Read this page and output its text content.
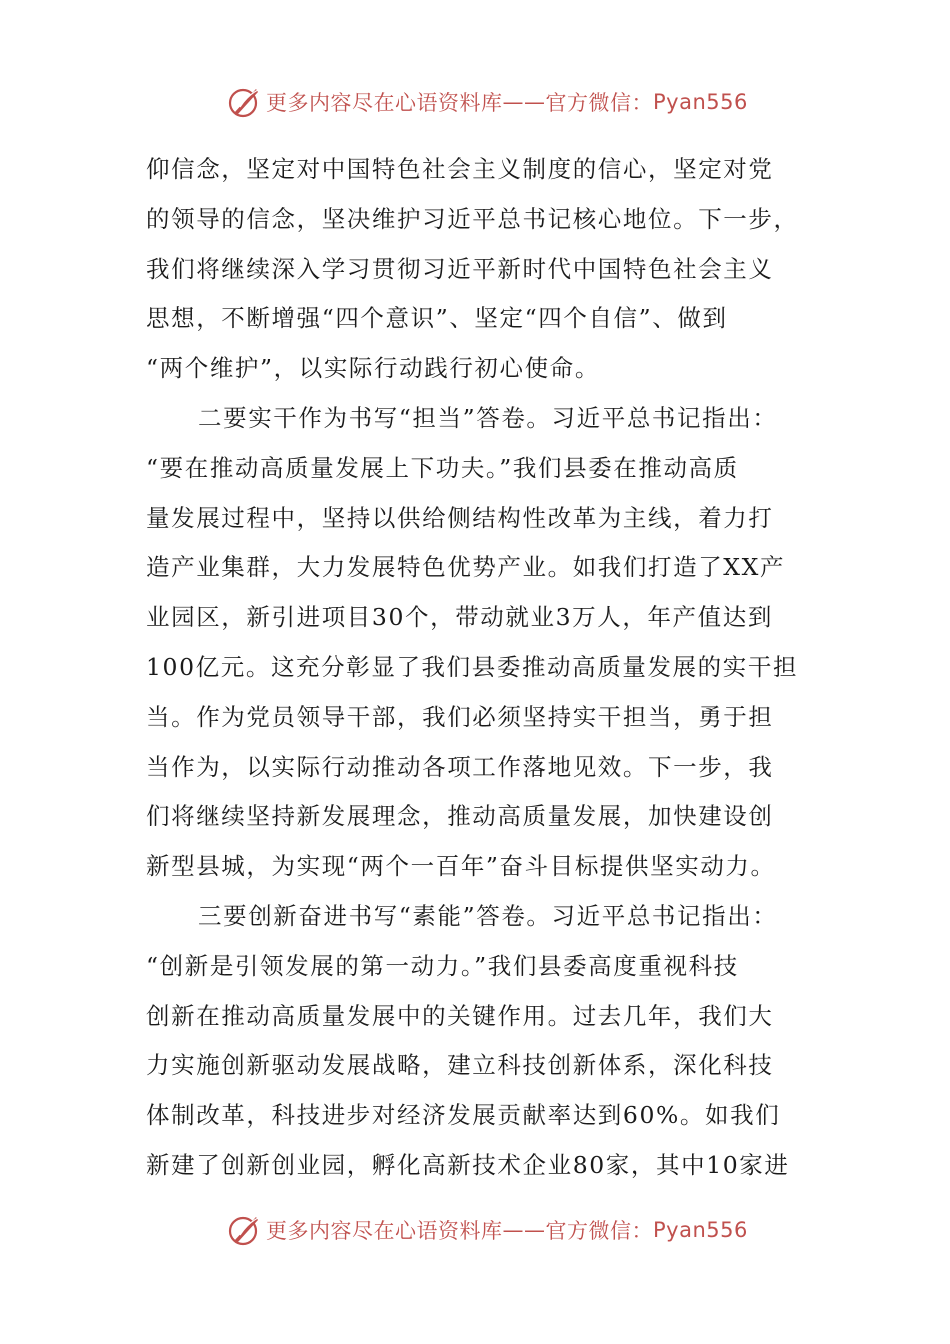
更多内容尽在心语资料库 —— 官方微信： Pyan556
仰信念，坚定对中国特色社会主义制度的信心，坚定对党
的领导的信念，坚决维护习近平总书记核心地位。下一步，
我们将继续深入学习贯彻习近平新时代中国特色社会主义
思想，不断增强“四个意识”、坚定“四个自信”、做到
“两个维护”，以实际行动践行初心使命。
二要实干作为书写“担当”答卷。习近平总书记指出：
“要在推动高质量发展上下功夫。”我们县委在推动高质
量发展过程中，坚持以供给侧结构性改革为主线，着力打
造产业集群，大力发展特色优势产业。如我们打造了XX产
业园区，新引进项目30个，带动就业3万人，年产值达到
100亿元。这充分彰显了我们县委推动高质量发展的实干担
当。作为党员领导干部，我们必须坚持实干担当，勇于担
当作为，以实际行动推动各项工作落地见效。下一步，我
们将继续坚持新发展理念，推动高质量发展，加快建设创
新型县城，为实现“两个一百年”奋斗目标提供坚实动力。
三要创新奋进书写“素能”答卷。习近平总书记指出：
“创新是引领发展的第一动力。”我们县委高度重视科技
创新在推动高质量发展中的关键作用。过去几年，我们大
力实施创新驱动发展战略，建立科技创新体系，深化科技
体制改革，科技进步对经济发展贡献率达到60%。如我们
新建了创新创业园，孵化高新技术企业80家，其中10家进
更多内容尽在心语资料库 —— 官方微信： Pyan556
